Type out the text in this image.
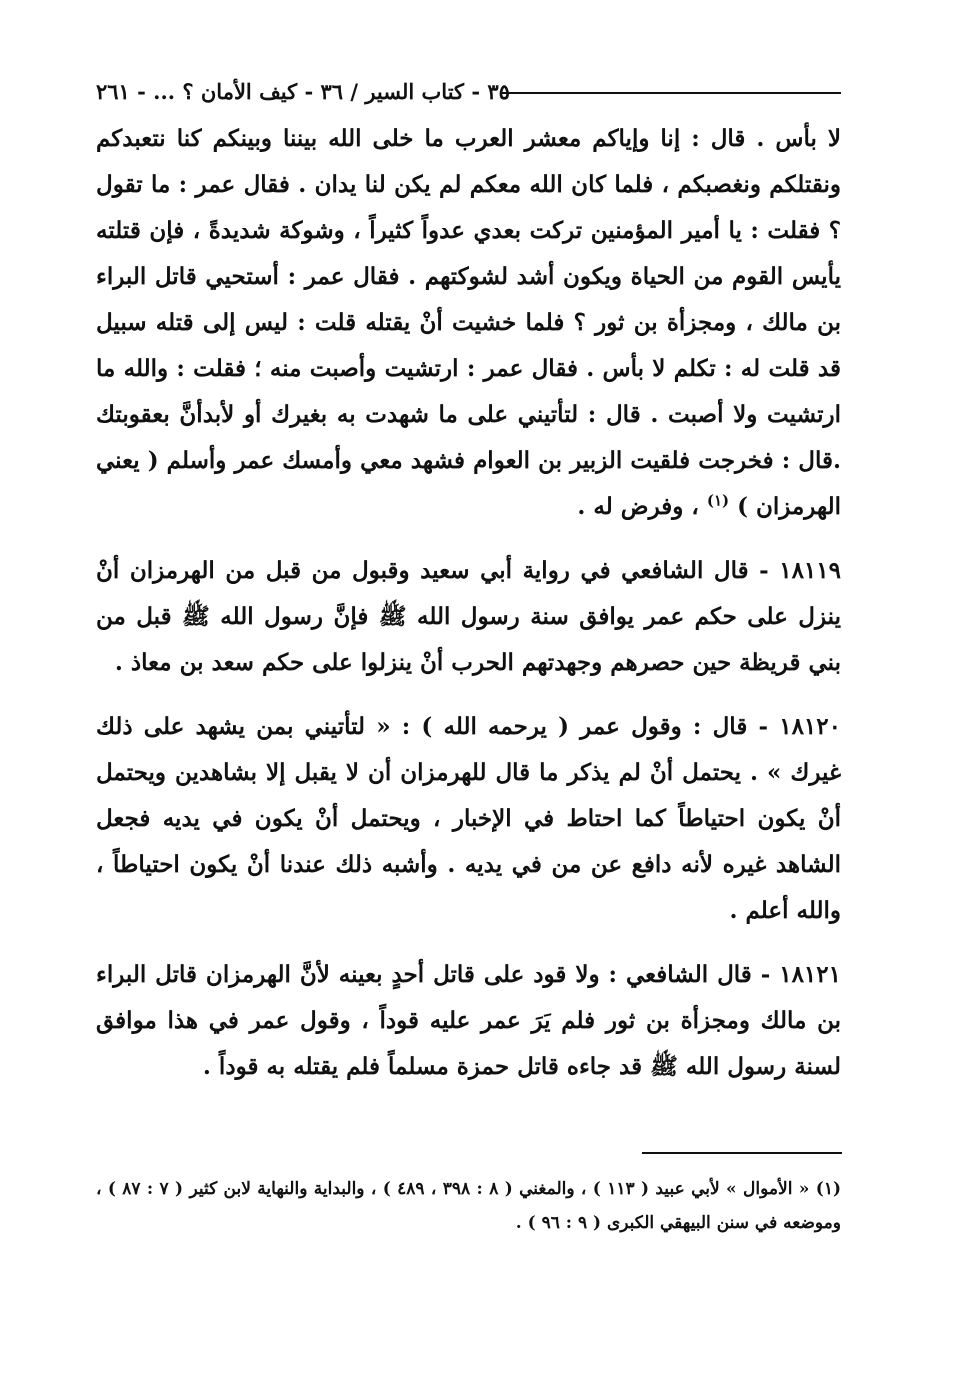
٣٥ - كتاب السير / ٣٦ - كيف الأمان ؟ ... - ٢٦١

لا بأس . قال : إنا وإياكم معشر العرب ما خلى الله بيننا وبينكم كنا نتعبدكم ونقتلكم ونغصبكم ، فلما كان الله معكم لم يكن لنا يدان . فقال عمر : ما تقول ؟ فقلت : يا أمير المؤمنين تركت بعدي عدواً كثيراً ، وشوكة شديدةً ، فإن قتلته يأيس القوم من الحياة ويكون أشد لشوكتهم . فقال عمر : أستحيي قاتل البراء بن مالك ، ومجزأة بن ثور ؟ فلما خشيت أنْ يقتله قلت : ليس إلى قتله سبيل قد قلت له : تكلم لا بأس . فقال عمر : ارتشيت وأصبت منه ؛ فقلت : والله ما ارتشيت ولا أصبت . قال : لتأتيني على ما شهدت به بغيرك أو لأبدأنَّ بعقوبتك .قال : فخرجت فلقيت الزبير بن العوام فشهد معي وأمسك عمر وأسلم ( يعني الهرمزان ) $^{(١)}$ ، وفرض له .

١٨١١٩ - قال الشافعي في رواية أبي سعيد وقبول من قبل من الهرمزان أنْ ينزل على حكم عمر يوافق سنة رسول الله ﷺ فإنَّ رسول الله ﷺ قبل من بني قريظة حين حصرهم وجهدتهم الحرب أنْ ينزلوا على حكم سعد بن معاذ .

١٨١٢٠ - قال : وقول عمر ( يرحمه الله ) : « لتأتيني بمن يشهد على ذلك غيرك » . يحتمل أنْ لم يذكر ما قال للهرمزان أن لا يقبل إلا بشاهدين ويحتمل أنْ يكون احتياطاً كما احتاط في الإخبار ، ويحتمل أنْ يكون في يديه فجعل الشاهد غيره لأنه دافع عن من في يديه . وأشبه ذلك عندنا أنْ يكون احتياطاً ، والله أعلم .

١٨١٢١ - قال الشافعي : ولا قود على قاتل أحدٍ بعينه لأنَّ الهرمزان قاتل البراء بن مالك ومجزأة بن ثور فلم يَرَ عمر عليه قوداً ، وقول عمر في هذا موافق لسنة رسول الله ﷺ قد جاءه قاتل حمزة مسلماً فلم يقتله به قوداً .

(١) « الأموال » لأبي عبيد ( ١١٣ ) ، والمغني ( ٨ : ٣٩٨ ، ٤٨٩ ) ، والبداية والنهاية لابن كثير ( ٧ : ٨٧ ) ، وموضعه في سنن البيهقي الكبرى ( ٩ : ٩٦ ) .
